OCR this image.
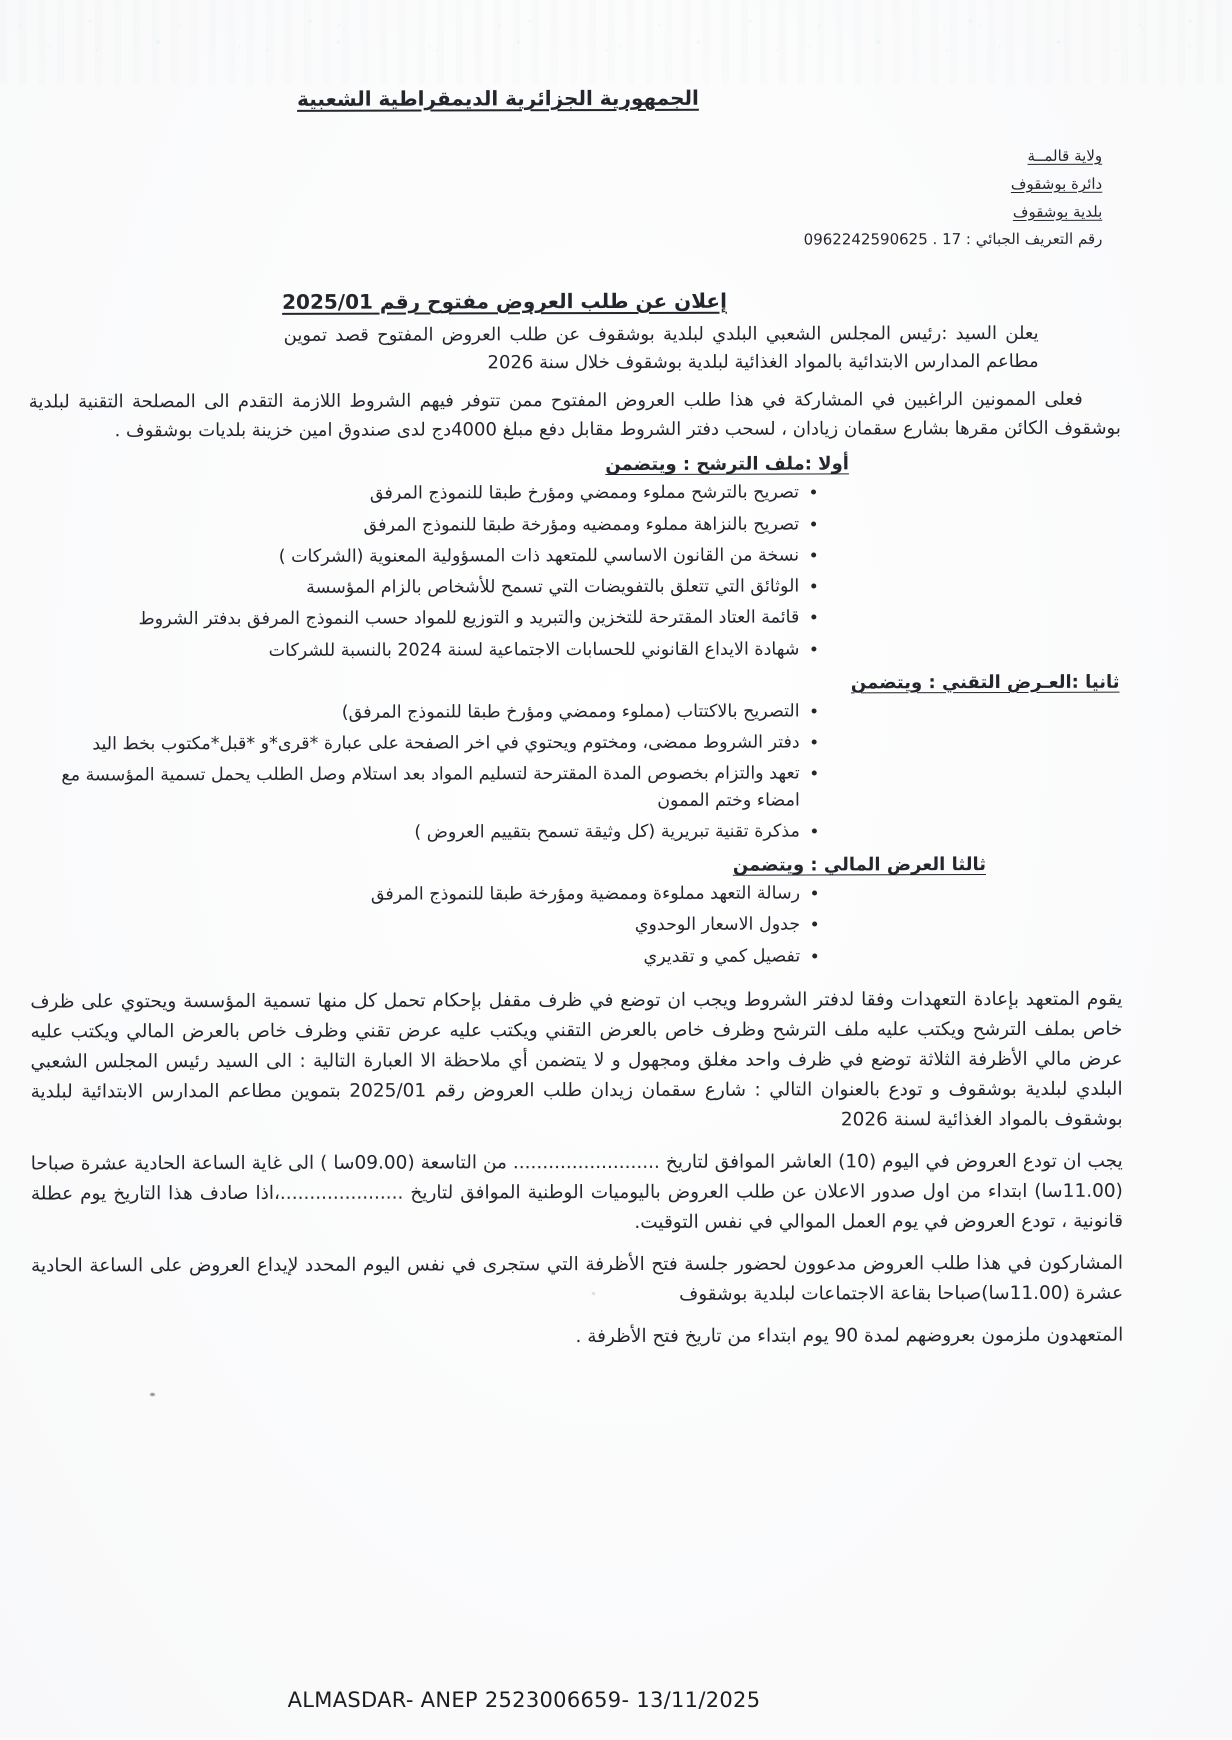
الجمهورية الجزائرية الديمقراطية الشعبية
ولاية قالمــة
دائرة بوشقوف
بلدية بوشقوف
رقم التعريف الجبائي : 17 . 0962242590625
إعلان عن طلب العروض مفتوح رقم 2025/01

يعلن السيد :رئيس المجلس الشعبي البلدي لبلدية بوشقوف عن طلب العروض المفتوح قصد تموين مطاعم المدارس الابتدائية بالمواد الغذائية لبلدية بوشقوف خلال سنة 2026

فعلى الممونين الراغبين في المشاركة في هذا طلب العروض المفتوح ممن تتوفر فيهم الشروط اللازمة التقدم الى المصلحة التقنية لبلدية بوشقوف الكائن مقرها بشارع سقمان زيادان ، لسحب دفتر الشروط مقابل دفع مبلغ 4000دج لدى صندوق امين خزينة بلديات بوشقوف .

أولا :ملف الترشح : ويتضمن
• تصريح بالترشح مملوء وممضي ومؤرخ طبقا للنموذج المرفق
• تصريح بالنزاهة مملوء وممضيه ومؤرخة طبقا للنموذج المرفق
• نسخة من القانون الاساسي للمتعهد ذات المسؤولية المعنوية (الشركات )
• الوثائق التي تتعلق بالتفويضات التي تسمح للأشخاص بالزام المؤسسة
• قائمة العتاد المقترحة للتخزين والتبريد و التوزيع للمواد حسب النموذج المرفق بدفتر الشروط
• شهادة الايداع القانوني للحسابات الاجتماعية لسنة 2024 بالنسبة للشركات
ثانيا :العـرض التقني : ويتضمن
• التصريح بالاكتتاب (مملوء وممضي ومؤرخ طبقا للنموذج المرفق)
• دفتر الشروط ممضى، ومختوم ويحتوي في اخر الصفحة على عبارة *قرى*و *قبل*مكتوب بخط اليد
• تعهد والتزام بخصوص المدة المقترحة لتسليم المواد بعد استلام وصل الطلب يحمل تسمية المؤسسة مع امضاء وختم الممون
• مذكرة تقنية تبريرية (كل وثيقة تسمح بتقييم العروض )
ثالثا العرض المالي : ويتضمن
• رسالة التعهد مملوءة وممضية ومؤرخة طبقا للنموذج المرفق
• جدول الاسعار الوحدوي
• تفصيل كمي و تقديري

يقوم المتعهد بإعادة التعهدات وفقا لدفتر الشروط ويجب ان توضع في ظرف مقفل بإحكام تحمل كل منها تسمية المؤسسة ويحتوي على ظرف خاص بملف الترشح ويكتب عليه ملف الترشح وظرف خاص بالعرض التقني ويكتب عليه عرض تقني وظرف خاص بالعرض المالي ويكتب عليه عرض مالي الأظرفة الثلاثة توضع في ظرف واحد مغلق ومجهول و لا يتضمن أي ملاحظة الا العبارة التالية : الى السيد رئيس المجلس الشعبي البلدي لبلدية بوشقوف و تودع بالعنوان التالي : شارع سقمان زيدان طلب العروض رقم 2025/01 بتموين مطاعم المدارس الابتدائية لبلدية بوشقوف بالمواد الغذائية لسنة 2026

يجب ان تودع العروض في اليوم (10) العاشر الموافق لتاريخ ......................... من التاسعة (09.00سا ) الى غاية الساعة الحادية عشرة صباحا (11.00سا) ابتداء من اول صدور الاعلان عن طلب العروض باليوميات الوطنية الموافق لتاريخ .....................،اذا صادف هذا التاريخ يوم عطلة قانونية ، تودع العروض في يوم العمل الموالي في نفس التوقيت.

المشاركون في هذا طلب العروض مدعوون لحضور جلسة فتح الأظرفة التي ستجرى في نفس اليوم المحدد لإيداع العروض على الساعة الحادية عشرة (11.00سا)صباحا بقاعة الاجتماعات لبلدية بوشقوف

المتعهدون ملزمون بعروضهم لمدة 90 يوم ابتداء من تاريخ فتح الأظرفة .

ALMASDAR- ANEP 2523006659- 13/11/2025
